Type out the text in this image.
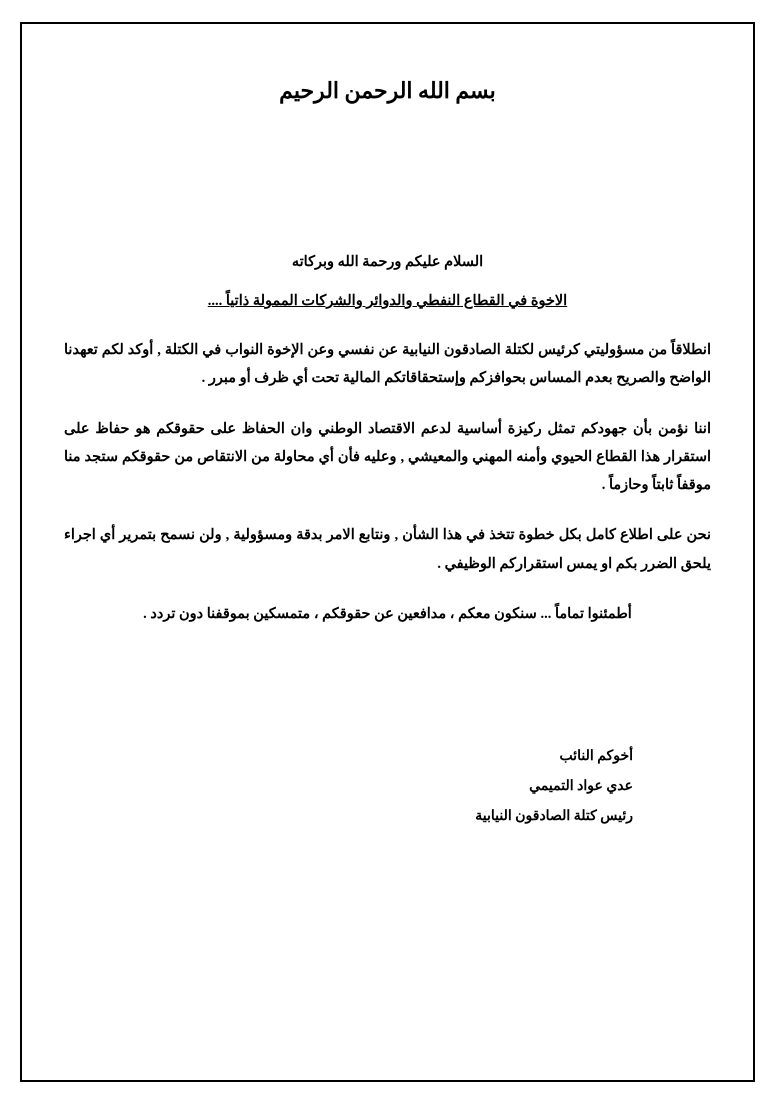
بسم الله الرحمن الرحيم
السلام عليكم ورحمة الله وبركاته
الاخوة في القطاع النفطي والدوائر والشركات الممولة ذاتياً ....

انطلاقاً من مسؤوليتي كرئيس لكتلة الصادقون النيابية عن نفسي وعن الإخوة النواب في الكتلة , أوكد لكم تعهدنا الواضح والصريح بعدم المساس بحوافزكم وإستحقاقاتكم المالية تحت أي ظرف أو مبرر .

اننا نؤمن بأن جهودكم تمثل ركيزة أساسية لدعم الاقتصاد الوطني وان الحفاظ على حقوقكم هو حفاظ على استقرار هذا القطاع الحيوي وأمنه المهني والمعيشي , وعليه فأن أي محاولة من الانتقاص من حقوقكم ستجد منا موقفاً ثابتاً وحازماً .

نحن على اطلاع كامل بكل خطوة تتخذ في هذا الشأن , ونتابع الامر بدقة ومسؤولية , ولن نسمح بتمرير أي اجراء يلحق الضرر بكم او يمس استقراركم الوظيفي .

أطمئنوا تماماً ... سنكون معكم ، مدافعين عن حقوقكم ، متمسكين بموقفنا دون تردد .

أخوكم النائب
عدي عواد التميمي
رئيس كتلة الصادقون النيابية
